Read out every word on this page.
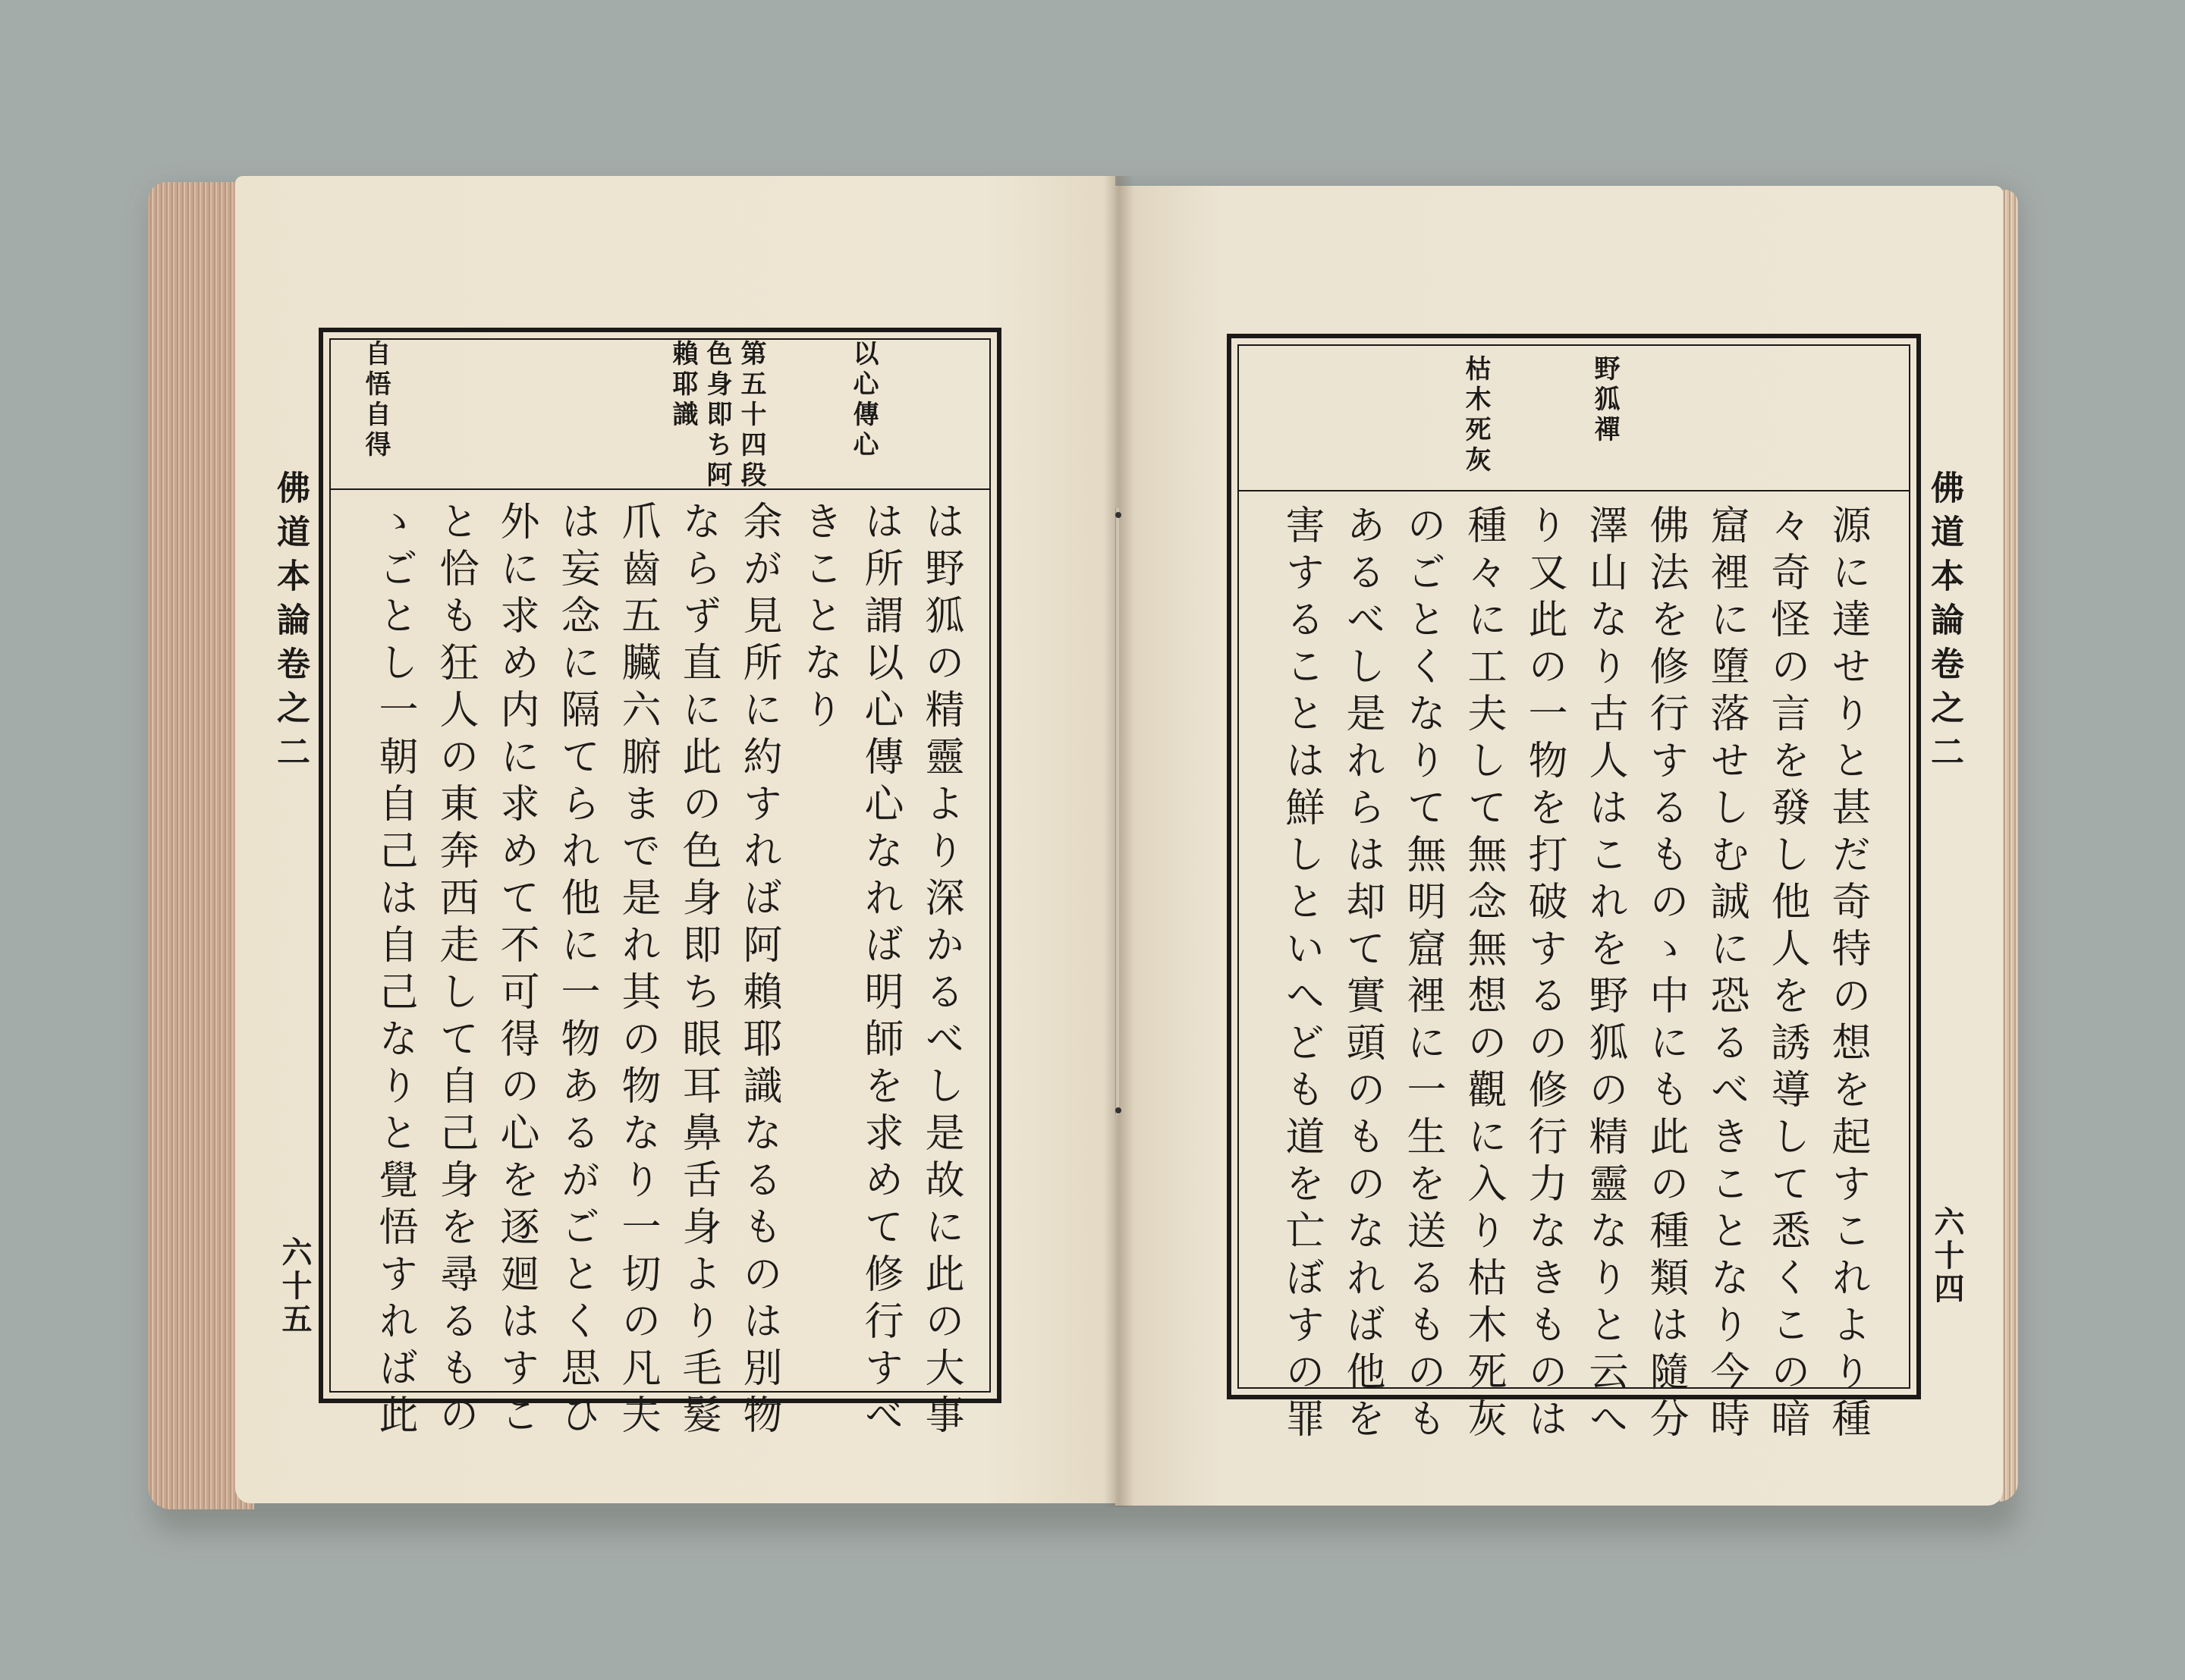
佛道本論卷之二
六十五
以心傳心
第五十四段
色身即ち阿
賴耶識
自悟自得
は野狐の精靈より深かるべし是故に此の大事
は所謂以心傳心なれば明師を求めて修行すべ
きことなり
余が見所に約すれば阿賴耶識なるものは別物
ならず直に此の色身即ち眼耳鼻舌身より毛髮
爪齒五臟六腑まで是れ其の物なり一切の凡夫
は妄念に隔てられ他に一物あるがごとく思ひ
外に求め内に求めて不可得の心を逐廻はすこ
と恰も狂人の東奔西走して自己身を尋るもの
ゝごとし一朝自己は自己なりと覺悟すれば此	佛道本論卷之二
六十四
野狐禪
枯木死灰
源に達せりと甚だ奇特の想を起すこれより種
々奇怪の言を發し他人を誘導して悉くこの暗
窟裡に墮落せしむ誠に恐るべきことなり今時
佛法を修行するものゝ中にも此の種類は隨分
澤山なり古人はこれを野狐の精靈なりと云へ
り又此の一物を打破するの修行力なきものは
種々に工夫して無念無想の觀に入り枯木死灰
のごとくなりて無明窟裡に一生を送るものも
あるべし是れらは却て實頭のものなれば他を
害することは鮮しといへども道を亡ぼすの罪
